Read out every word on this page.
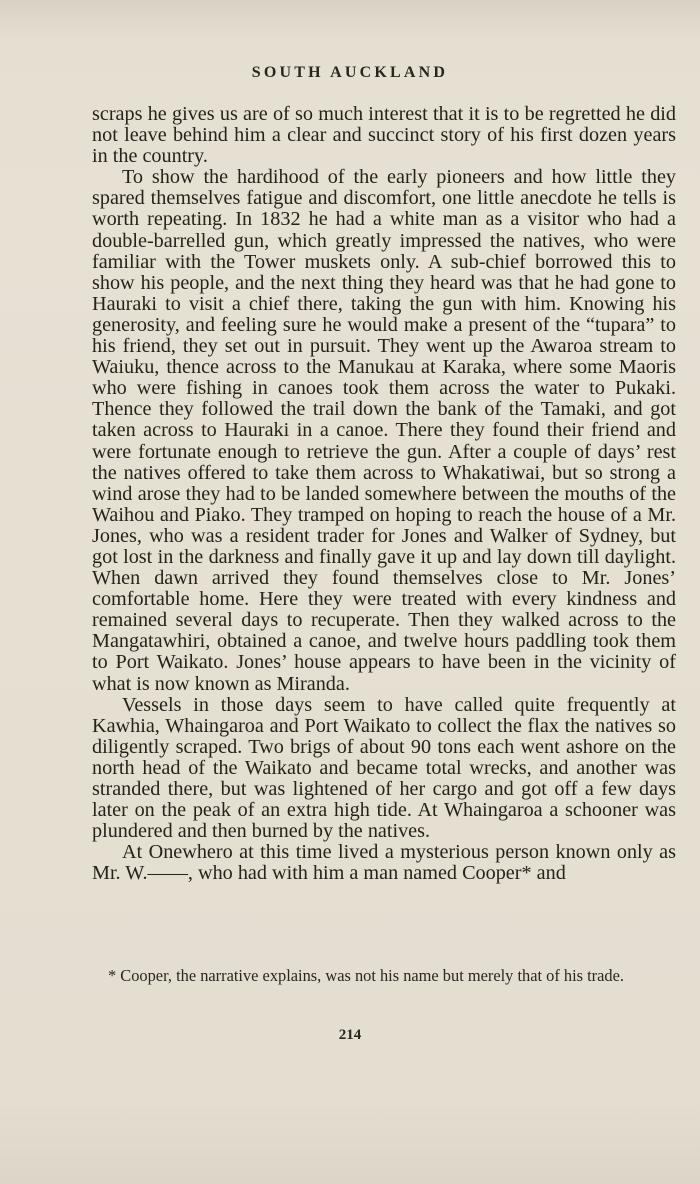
SOUTH AUCKLAND

scraps he gives us are of so much interest that it is to be regretted he did not leave behind him a clear and succinct story of his first dozen years in the country.

To show the hardihood of the early pioneers and how little they spared themselves fatigue and discomfort, one little anecdote he tells is worth repeating. In 1832 he had a white man as a visitor who had a double-barrelled gun, which greatly impressed the natives, who were familiar with the Tower muskets only. A sub-chief borrowed this to show his people, and the next thing they heard was that he had gone to Hauraki to visit a chief there, taking the gun with him. Knowing his generosity, and feeling sure he would make a present of the “tupara” to his friend, they set out in pursuit. They went up the Awaroa stream to Waiuku, thence across to the Manukau at Karaka, where some Maoris who were fishing in canoes took them across the water to Pukaki. Thence they followed the trail down the bank of the Tamaki, and got taken across to Hauraki in a canoe. There they found their friend and were fortunate enough to retrieve the gun. After a couple of days’ rest the natives offered to take them across to Whakatiwai, but so strong a wind arose they had to be landed somewhere between the mouths of the Waihou and Piako. They tramped on hoping to reach the house of a Mr. Jones, who was a resident trader for Jones and Walker of Sydney, but got lost in the darkness and finally gave it up and lay down till daylight. When dawn arrived they found themselves close to Mr. Jones’ comfortable home. Here they were treated with every kindness and remained several days to recuperate. Then they walked across to the Mangatawhiri, obtained a canoe, and twelve hours paddling took them to Port Waikato. Jones’ house appears to have been in the vicinity of what is now known as Miranda.

Vessels in those days seem to have called quite frequently at Kawhia, Whaingaroa and Port Waikato to collect the flax the natives so diligently scraped. Two brigs of about 90 tons each went ashore on the north head of the Waikato and became total wrecks, and another was stranded there, but was lightened of her cargo and got off a few days later on the peak of an extra high tide. At Whaingaroa a schooner was plundered and then burned by the natives.

At Onewhero at this time lived a mysterious person known only as Mr. W.——, who had with him a man named Cooper* and

* Cooper, the narrative explains, was not his name but merely that of his trade.
214
